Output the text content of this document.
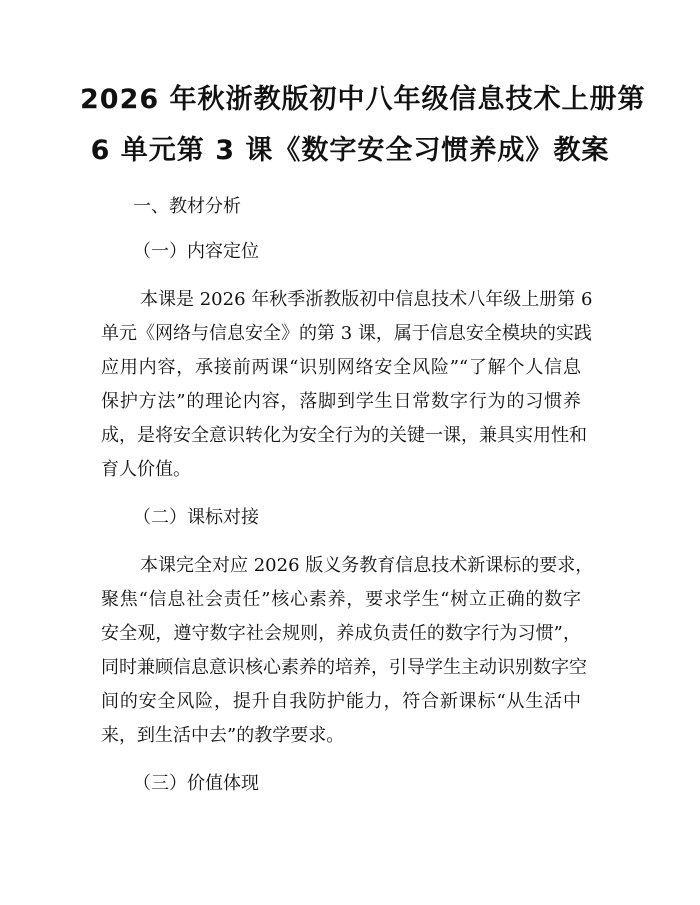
2026 年秋浙教版初中八年级信息技术上册第
6 单元第 3 课《数字安全习惯养成》教案
一、教材分析
（一）内容定位
本课是 2026 年秋季浙教版初中信息技术八年级上册第 6
单元《网络与信息安全》的第 3 课，属于信息安全模块的实践
应用内容，承接前两课“识别网络安全风险”“了解个人信息
保护方法”的理论内容，落脚到学生日常数字行为的习惯养
成，是将安全意识转化为安全行为的关键一课，兼具实用性和
育人价值。
（二）课标对接
本课完全对应 2026 版义务教育信息技术新课标的要求，
聚焦“信息社会责任”核心素养，要求学生“树立正确的数字
安全观，遵守数字社会规则，养成负责任的数字行为习惯”，
同时兼顾信息意识核心素养的培养，引导学生主动识别数字空
间的安全风险，提升自我防护能力，符合新课标“从生活中
来，到生活中去”的教学要求。
（三）价值体现
